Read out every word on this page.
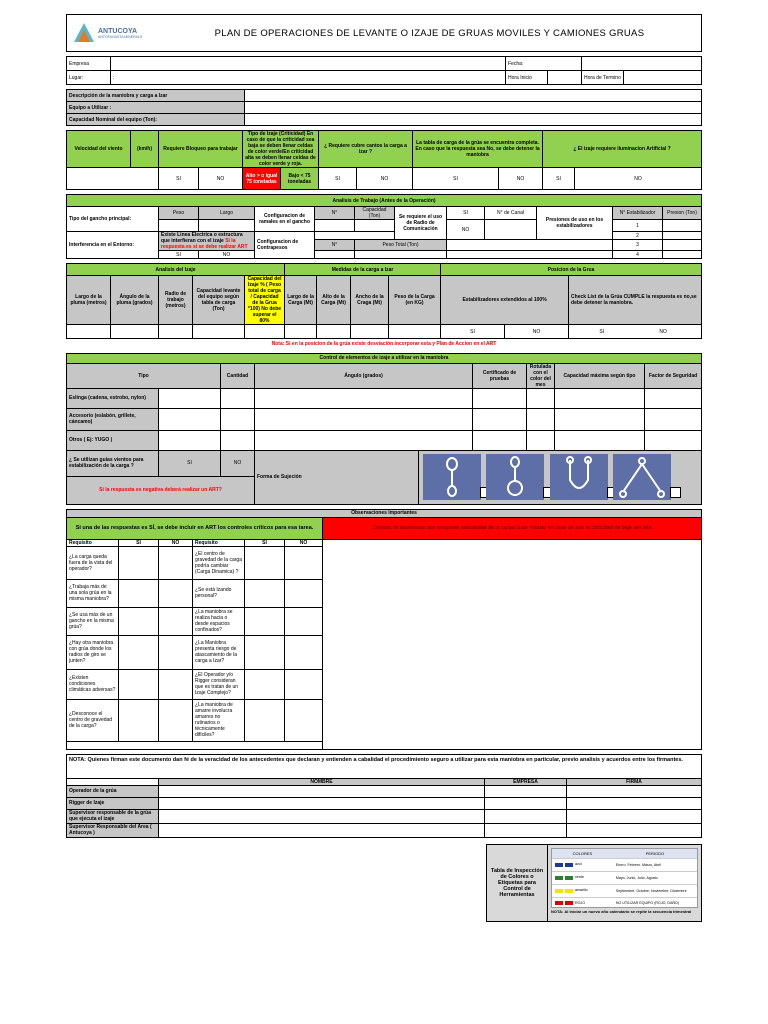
ANTUCOYA
ANTOFAGASTA MINERALS	PLAN DE OPERACIONES DE LEVANTE O IZAJE DE GRUAS MOVILES Y CAMIONES GRUAS
Empresa		Fecha:			
Lugar:	:	Hora Inicio		Hora de Termino	
Descripción de la maniobra y carga a Izar	
Equipo a Utilizar :	
Capacidad Nominal del equipo (Ton):	
Velocidad del viento	(km/h)	Requiere Bloqueo para trabajar		Tipo de Izaje (Criticidad) En caso de que la criticidad sea baja se deben llenar celdas de color verde/En criticidad alta se deben llenar celdas de color verde y roja.		¿ Requiere cubre cantos la carga a Izar ?		La tabla de carga de la grúa se encuentra completa. En caso que la respuesta sea No, se debe detener la maniobra		¿ El izaje requiere iluminacion Artificial ?	
		SI	NO	Alto > o igual 75 toneladas	Bajo < 75 toneladas	SI	NO	SI	NO	SI	NO
Analisis de Trabajo (Antes de la Operación)											
Tipo del gancho principal:	Peso	Largo	Configuracion de ramales en el gancho	N°	Capacidad (Ton)	Se requiere el uso de Radio de Comunicación	SI	N° de Canal	Presiones de uso en los estabilizadores	N° Estabilizador	Presion (Ton)
							NO			1	
Interferencia en el Entorno:	Existe Linea Electrica o estructura que interfieran con el izaje Si la respuesta es si se debe realizar ART		Configuracion de Contrapesos							2	
				N°	Peso Total (Ton)					3	
	SI	NO								4	
Analisis del Izaje					Medidas de la carga a Izar				Posicion de la Grua		
Largo de la pluma (metros)	Ángulo de la pluma (grados)	Radio de trabajo (metros)	Capacidad levante del equipo según tabla de carga (Ton)	Capacidad del Izaje % ( Peso total de carga / Capacidad de la Grua *100) No debe superar el 80%	Largo de la Carga (Mt)	Alto de la Carga (Mt)	Ancho de la Craga (Mt)	Peso de la Carga (en KG)	Estabilizadores extendidos al 100%		Check List de la Grúa CUMPLE la respuesta es no,se debe detener la maniobra.
									SI	NO	SI NO
Nota: Si en la posicion de la grúa existe desviación incorporar esta y Plan de Accion en el ART											
Control de elementos de izaje a utilizar en la maniobra								
Tipo		Cantidad	Ángulo (grados)		Certificado de pruebas	Rotulada con el color del mes	Capacidad máxima según tipo	Factor de Seguridad
Eslinga (cadena, estrobo, nylon)								
Accesorio (eslabón, grillete, cáncamo)								
Otros ( Ej: YUGO )								
¿ Se utilizan guias vientos para estabilización de la carga ?	SI	NO	Forma de Sujeción	

Si la respuesta es negativa deberá realizar un ART?								
Observaciones Importantes						
Si una de las respuestas es SÍ, se debe incluir en ART los controles críticos para esa tarea.						Croquis de maniobras que aseguren estabilidad de la carga/ Este realizar en caso de que la criticidad de baja sea alta
Requisito	SI	NO	Requisito	SI	NO	
¿La carga queda fuera de la vista del operador?			¿El centro de gravedad de la carga podría cambiar (Carga Dinamica) ?			
¿Trabaja más de una sola grúa en la misma maniobra?			¿Se está Izando personal?			
¿Se usa más de un gancho en la misma grúa?			¿La maniobra se realiza hacia o desde espacios confinados?			
¿Hay otra maniobra con grúa donde los radios de giro se junten?			¿La Maniobra presenta riesgo de atascamiento de la carga a Izar?			
¿Existen condiciones climáticas adversas?			¿El Operador y/o Rigger consideran que es tratan de un Izaje Complejo?			
¿Desconoce el centro de gravedad de la carga?			¿La maniobra de amarre involucra amarres no rutinarios o técnicamente difíciles?			

NOTA: Quienes firman este documento dan fé de la veracidad de los antecedentes que declaran y entienden a cabalidad el procedimiento seguro a utilizar para esta maniobra en particular, previo analisis y acuerdos entre los firmantes.			
	NOMBRE	EMPRESA	FIRMA
Operador de la grúa			
Rigger de Izaje			
Supervisor responsable de la grúa que ejecuta el izaje			
Supervisor Responsable del Area ( Antucoya )			
Tabla de Inspección de Colores o Etiquetas para Control de Herramientas
COLORES	PERIODO
azul	Enero, Febrero, Marzo, Abril
verde	Mayo, Junio, Julio, Agosto
amarillo	Septiembre, Octubre, Noviembre, Diciembre
ROJO	NO UTILIZAR EQUIPO (ROJO, DAÑO)
NOTA: Al iniciar un nuevo año calendario se repite la secuencia trimestral
